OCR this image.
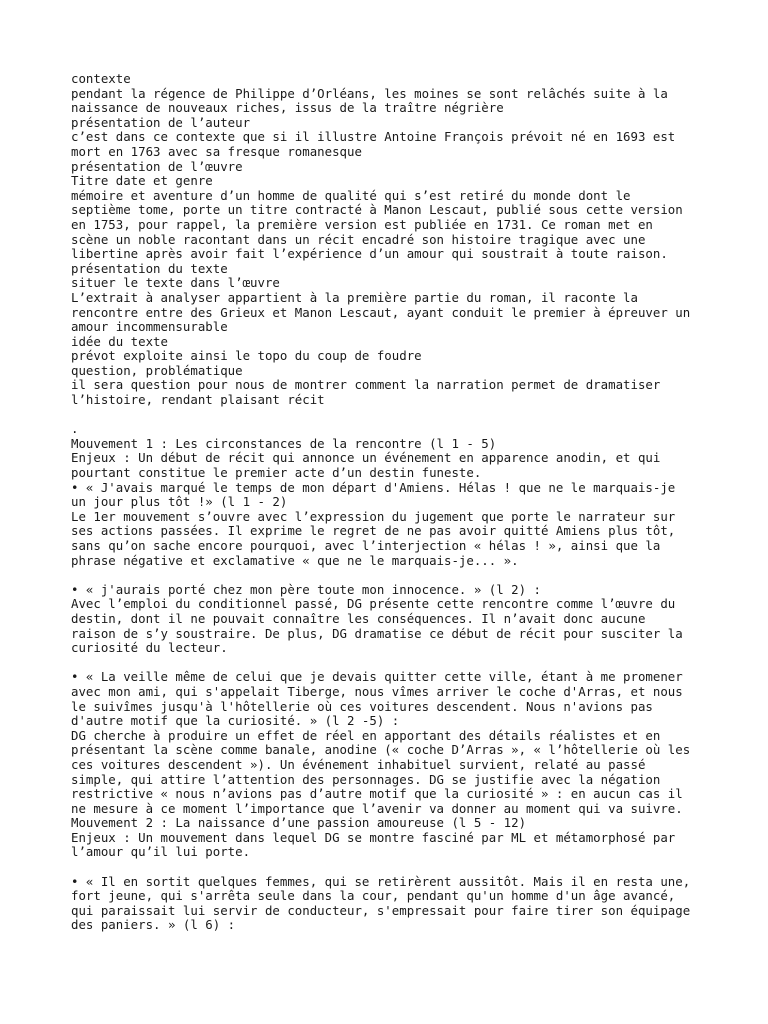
contexte
pendant la régence de Philippe d’Orléans, les moines se sont relâchés suite à la
naissance de nouveaux riches, issus de la traître négrière
présentation de l’auteur
c’est dans ce contexte que si il illustre Antoine François prévoit né en 1693 est
mort en 1763 avec sa fresque romanesque
présentation de l’œuvre
Titre date et genre
mémoire et aventure d’un homme de qualité qui s’est retiré du monde dont le
septième tome, porte un titre contracté à Manon Lescaut, publié sous cette version
en 1753, pour rappel, la première version est publiée en 1731. Ce roman met en
scène un noble racontant dans un récit encadré son histoire tragique avec une
libertine après avoir fait l’expérience d’un amour qui soustrait à toute raison.
présentation du texte
situer le texte dans l’œuvre
L’extrait à analyser appartient à la première partie du roman, il raconte la
rencontre entre des Grieux et Manon Lescaut, ayant conduit le premier à épreuver un
amour incommensurable
idée du texte
prévot exploite ainsi le topo du coup de foudre
question, problématique
il sera question pour nous de montrer comment la narration permet de dramatiser
l’histoire, rendant plaisant récit
.
Mouvement 1 : Les circonstances de la rencontre (l 1 - 5)
Enjeux : Un début de récit qui annonce un événement en apparence anodin, et qui
pourtant constitue le premier acte d’un destin funeste.
• « J'avais marqué le temps de mon départ d'Amiens. Hélas ! que ne le marquais-je
un jour plus tôt !» (l 1 - 2)
Le 1er mouvement s’ouvre avec l’expression du jugement que porte le narrateur sur
ses actions passées. Il exprime le regret de ne pas avoir quitté Amiens plus tôt,
sans qu’on sache encore pourquoi, avec l’interjection « hélas ! », ainsi que la
phrase négative et exclamative « que ne le marquais-je... ».
• « j'aurais porté chez mon père toute mon innocence. » (l 2) :
Avec l’emploi du conditionnel passé, DG présente cette rencontre comme l’œuvre du
destin, dont il ne pouvait connaître les conséquences. Il n’avait donc aucune
raison de s’y soustraire. De plus, DG dramatise ce début de récit pour susciter la
curiosité du lecteur.
• « La veille même de celui que je devais quitter cette ville, étant à me promener
avec mon ami, qui s'appelait Tiberge, nous vîmes arriver le coche d'Arras, et nous
le suivîmes jusqu'à l'hôtellerie où ces voitures descendent. Nous n'avions pas
d'autre motif que la curiosité. » (l 2 -5) :
DG cherche à produire un effet de réel en apportant des détails réalistes et en
présentant la scène comme banale, anodine (« coche D’Arras », « l’hôtellerie où les
ces voitures descendent »). Un événement inhabituel survient, relaté au passé
simple, qui attire l’attention des personnages. DG se justifie avec la négation
restrictive « nous n’avions pas d’autre motif que la curiosité » : en aucun cas il
ne mesure à ce moment l’importance que l’avenir va donner au moment qui va suivre.
Mouvement 2 : La naissance d’une passion amoureuse (l 5 - 12)
Enjeux : Un mouvement dans lequel DG se montre fasciné par ML et métamorphosé par
l’amour qu’il lui porte.
• « Il en sortit quelques femmes, qui se retirèrent aussitôt. Mais il en resta une,
fort jeune, qui s'arrêta seule dans la cour, pendant qu'un homme d'un âge avancé,
qui paraissait lui servir de conducteur, s'empressait pour faire tirer son équipage
des paniers. » (l 6) :
